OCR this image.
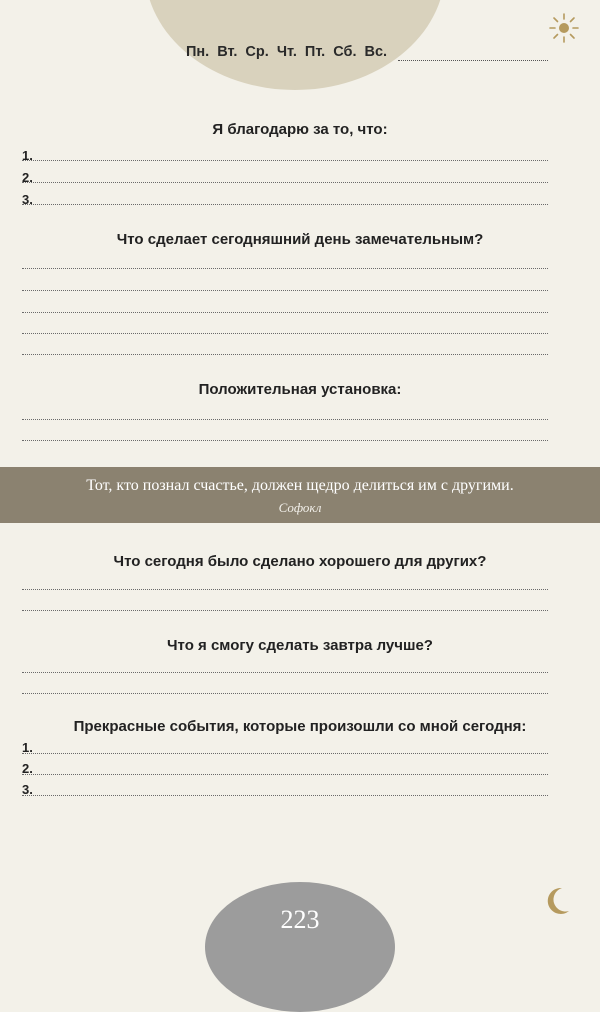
Пн. Вт. Ср. Чт. Пт. Сб. Вс.
Я благодарю за то, что:
1.
2.
3.
Что сделает сегодняшний день замечательным?
Положительная установка:
Тот, кто познал счастье, должен щедро делиться им с другими.
Софокл
Что сегодня было сделано хорошего для других?
Что я смогу сделать завтра лучше?
Прекрасные события, которые произошли со мной сегодня:
1.
2.
3.
223
